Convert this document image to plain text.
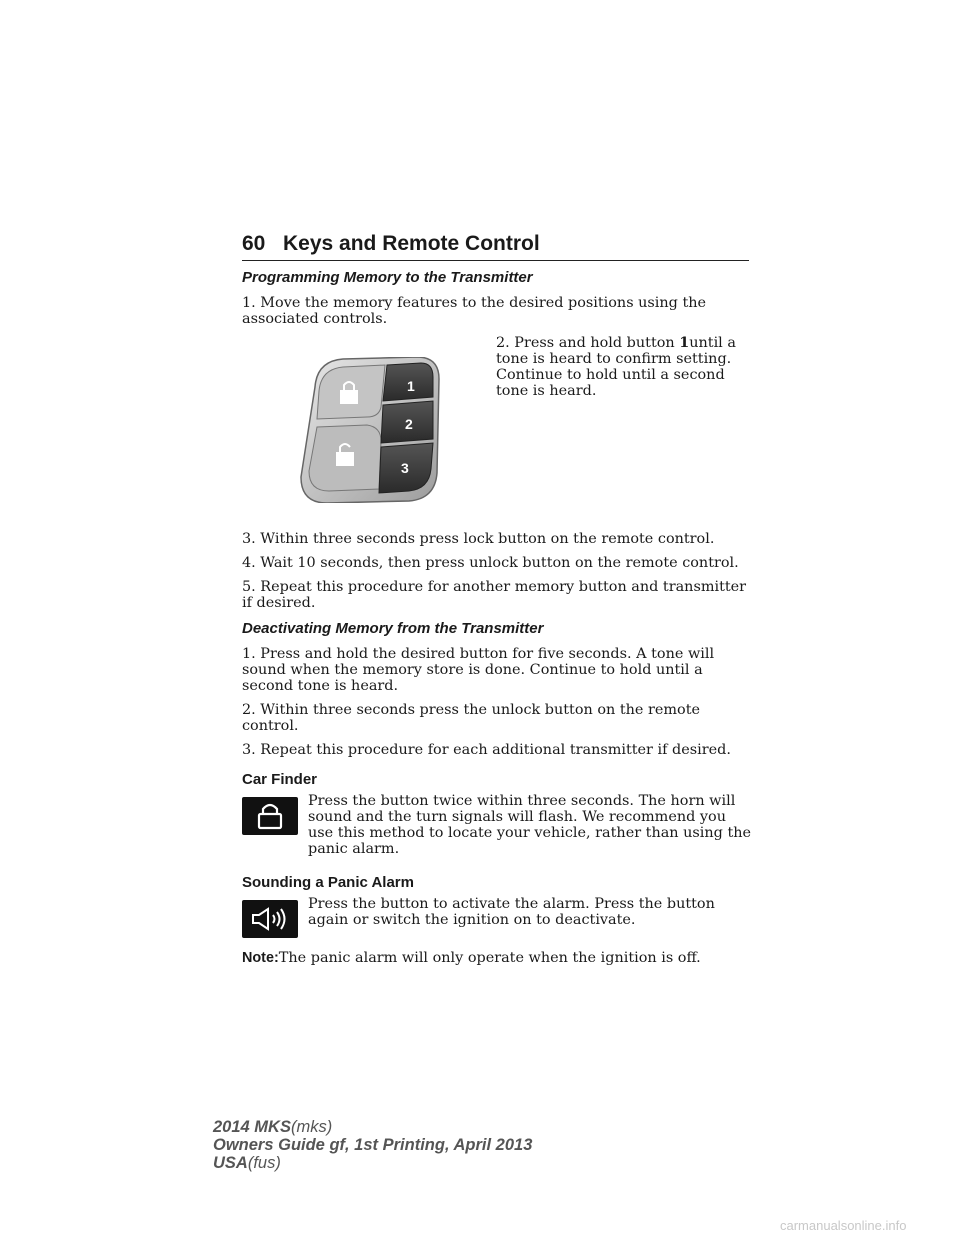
60 Keys and Remote Control
Programming Memory to the Transmitter

1. Move the memory features to the desired positions using the associated controls.

1
2
3

2. Press and hold button 1until a tone is heard to confirm setting. Continue to hold until a second tone is heard.

3. Within three seconds press lock button on the remote control.

4. Wait 10 seconds, then press unlock button on the remote control.

5. Repeat this procedure for another memory button and transmitter if desired.

Deactivating Memory from the Transmitter

1. Press and hold the desired button for five seconds. A tone will sound when the memory store is done. Continue to hold until a second tone is heard.

2. Within three seconds press the unlock button on the remote control.

3. Repeat this procedure for each additional transmitter if desired.

Car Finder

Press the button twice within three seconds. The horn will sound and the turn signals will flash. We recommend you use this method to locate your vehicle, rather than using the panic alarm.

Sounding a Panic Alarm

Press the button to activate the alarm. Press the button again or switch the ignition on to deactivate.

Note:The panic alarm will only operate when the ignition is off.

2014 MKS(mks)
Owners Guide gf, 1st Printing, April 2013
USA(fus)
carmanualsonline.info
